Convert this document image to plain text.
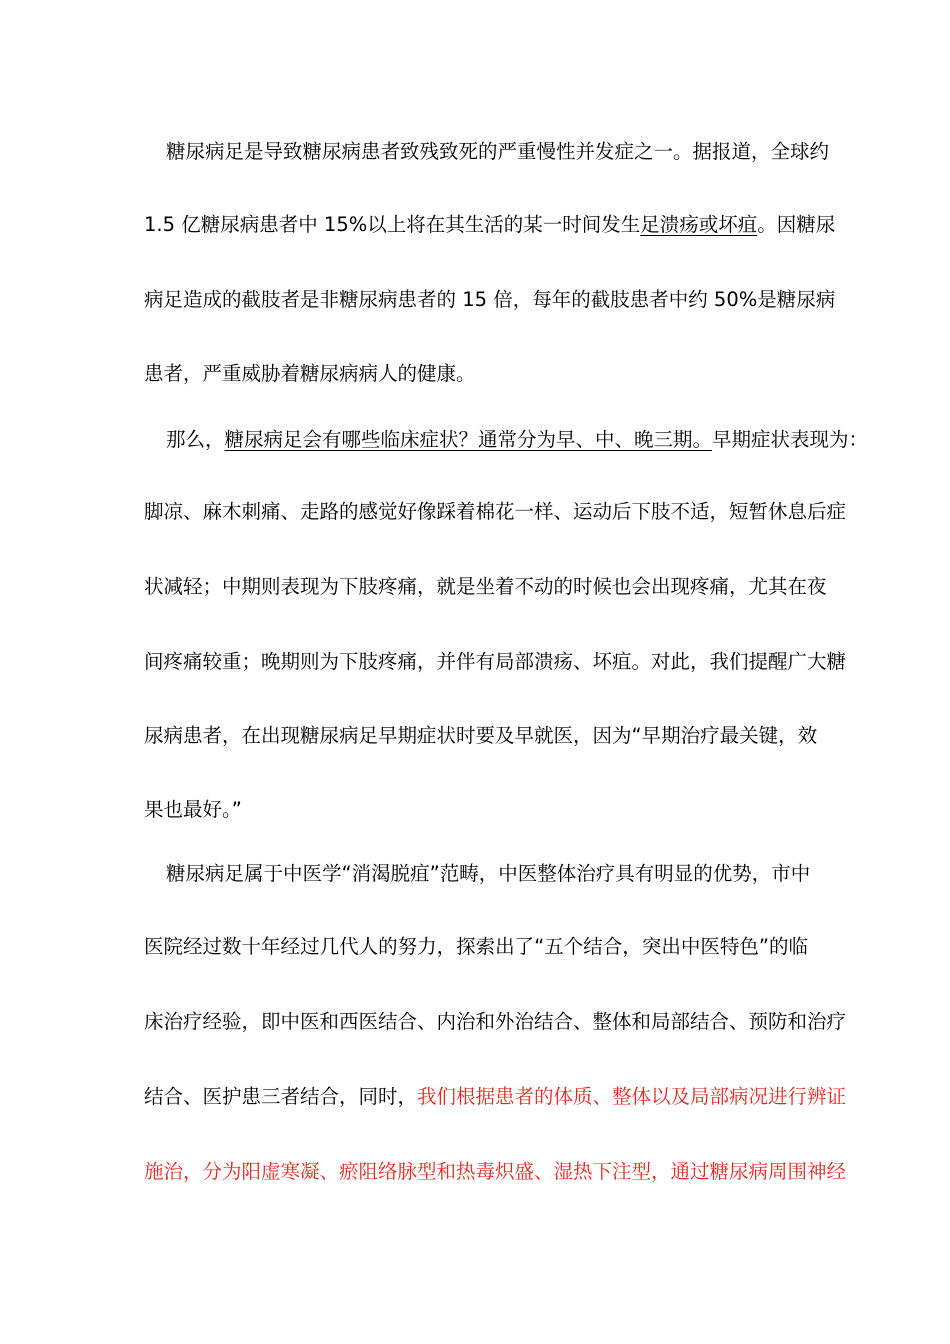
糖尿病足是导致糖尿病患者致残致死的严重慢性并发症之一。据报道，全球约
1.5 亿糖尿病患者中 15%以上将在其生活的某一时间发生足溃疡或坏疽。因糖尿
病足造成的截肢者是非糖尿病患者的 15 倍，每年的截肢患者中约 50%是糖尿病
患者，严重威胁着糖尿病病人的健康。
那么，糖尿病足会有哪些临床症状？通常分为早、中、晚三期。早期症状表现为：
脚凉、麻木刺痛、走路的感觉好像踩着棉花一样、运动后下肢不适，短暂休息后症
状减轻；中期则表现为下肢疼痛，就是坐着不动的时候也会出现疼痛，尤其在夜
间疼痛较重；晚期则为下肢疼痛，并伴有局部溃疡、坏疽。对此，我们提醒广大糖
尿病患者，在出现糖尿病足早期症状时要及早就医，因为“早期治疗最关键，效
果也最好。”
糖尿病足属于中医学“消渴脱疽”范畴，中医整体治疗具有明显的优势，市中
医院经过数十年经过几代人的努力，探索出了“五个结合，突出中医特色”的临
床治疗经验，即中医和西医结合、内治和外治结合、整体和局部结合、预防和治疗
结合、医护患三者结合，同时，我们根据患者的体质、整体以及局部病况进行辨证
施治，分为阳虚寒凝、瘀阻络脉型和热毒炽盛、湿热下注型，通过糖尿病周围神经
